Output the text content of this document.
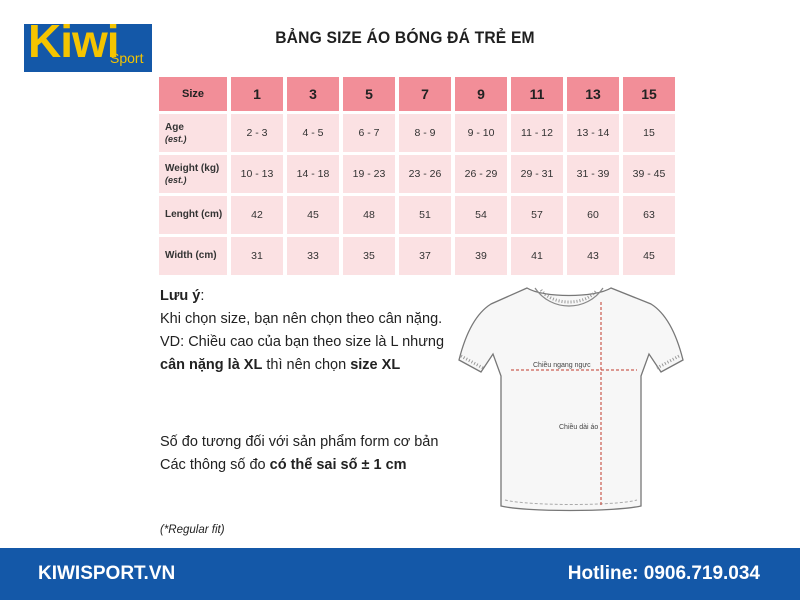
Kiwi
Sport
BẢNG SIZE ÁO BÓNG ĐÁ TRẺ EM
Size	1	3	5	7	9	11	13	15
Age
(est.)	2 - 3	4 - 5	6 - 7	8 - 9	9 - 10	11 - 12	13 - 14	15
Weight (kg)
(est.)	10 - 13	14 - 18	19 - 23	23 - 26	26 - 29	29 - 31	31 - 39	39 - 45
Lenght (cm)	42	45	48	51	54	57	60	63
Width (cm)	31	33	35	37	39	41	43	45
Lưu ý:
Khi chọn size, bạn nên chọn theo cân nặng.
VD: Chiều cao của bạn theo size là L nhưng
cân nặng là XL thì nên chọn size XL
Số đo tương đối với sản phẩm form cơ bản
Các thông số đo có thể sai số ± 1 cm
Chiều ngang ngực
Chiều dài áo
(*Regular fit)
KIWISPORT.VN	Hotline: 0906.719.034
